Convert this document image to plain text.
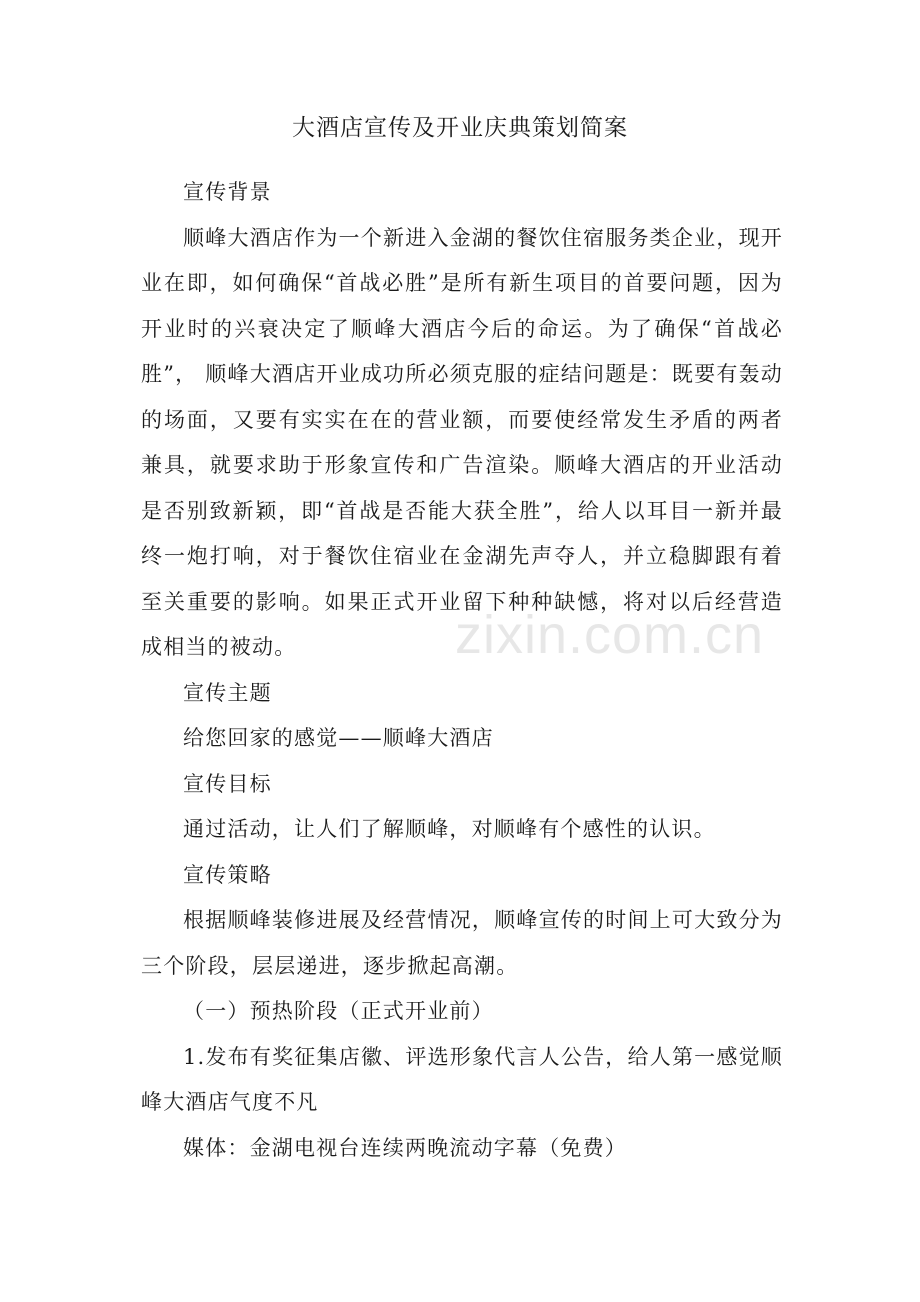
大酒店宣传及开业庆典策划简案

宣传背景

顺峰大酒店作为一个新进入金湖的餐饮住宿服务类企业，现开业在即，如何确保“首战必胜”是所有新生项目的首要问题，因为开业时的兴衰决定了顺峰大酒店今后的命运。为了确保“首战必胜”， 顺峰大酒店开业成功所必须克服的症结问题是：既要有轰动的场面，又要有实实在在的营业额，而要使经常发生矛盾的两者兼具，就要求助于形象宣传和广告渲染。顺峰大酒店的开业活动是否别致新颖，即“首战是否能大获全胜”，给人以耳目一新并最终一炮打响，对于餐饮住宿业在金湖先声夺人，并立稳脚跟有着至关重要的影响。如果正式开业留下种种缺憾，将对以后经营造成相当的被动。

宣传主题

给您回家的感觉——顺峰大酒店

宣传目标

通过活动，让人们了解顺峰，对顺峰有个感性的认识。

宣传策略

根据顺峰装修进展及经营情况，顺峰宣传的时间上可大致分为三个阶段，层层递进，逐步掀起高潮。

（一）预热阶段（正式开业前）

1.发布有奖征集店徽、评选形象代言人公告，给人第一感觉顺峰大酒店气度不凡

媒体：金湖电视台连续两晚流动字幕（免费）

zixin.com.cn
